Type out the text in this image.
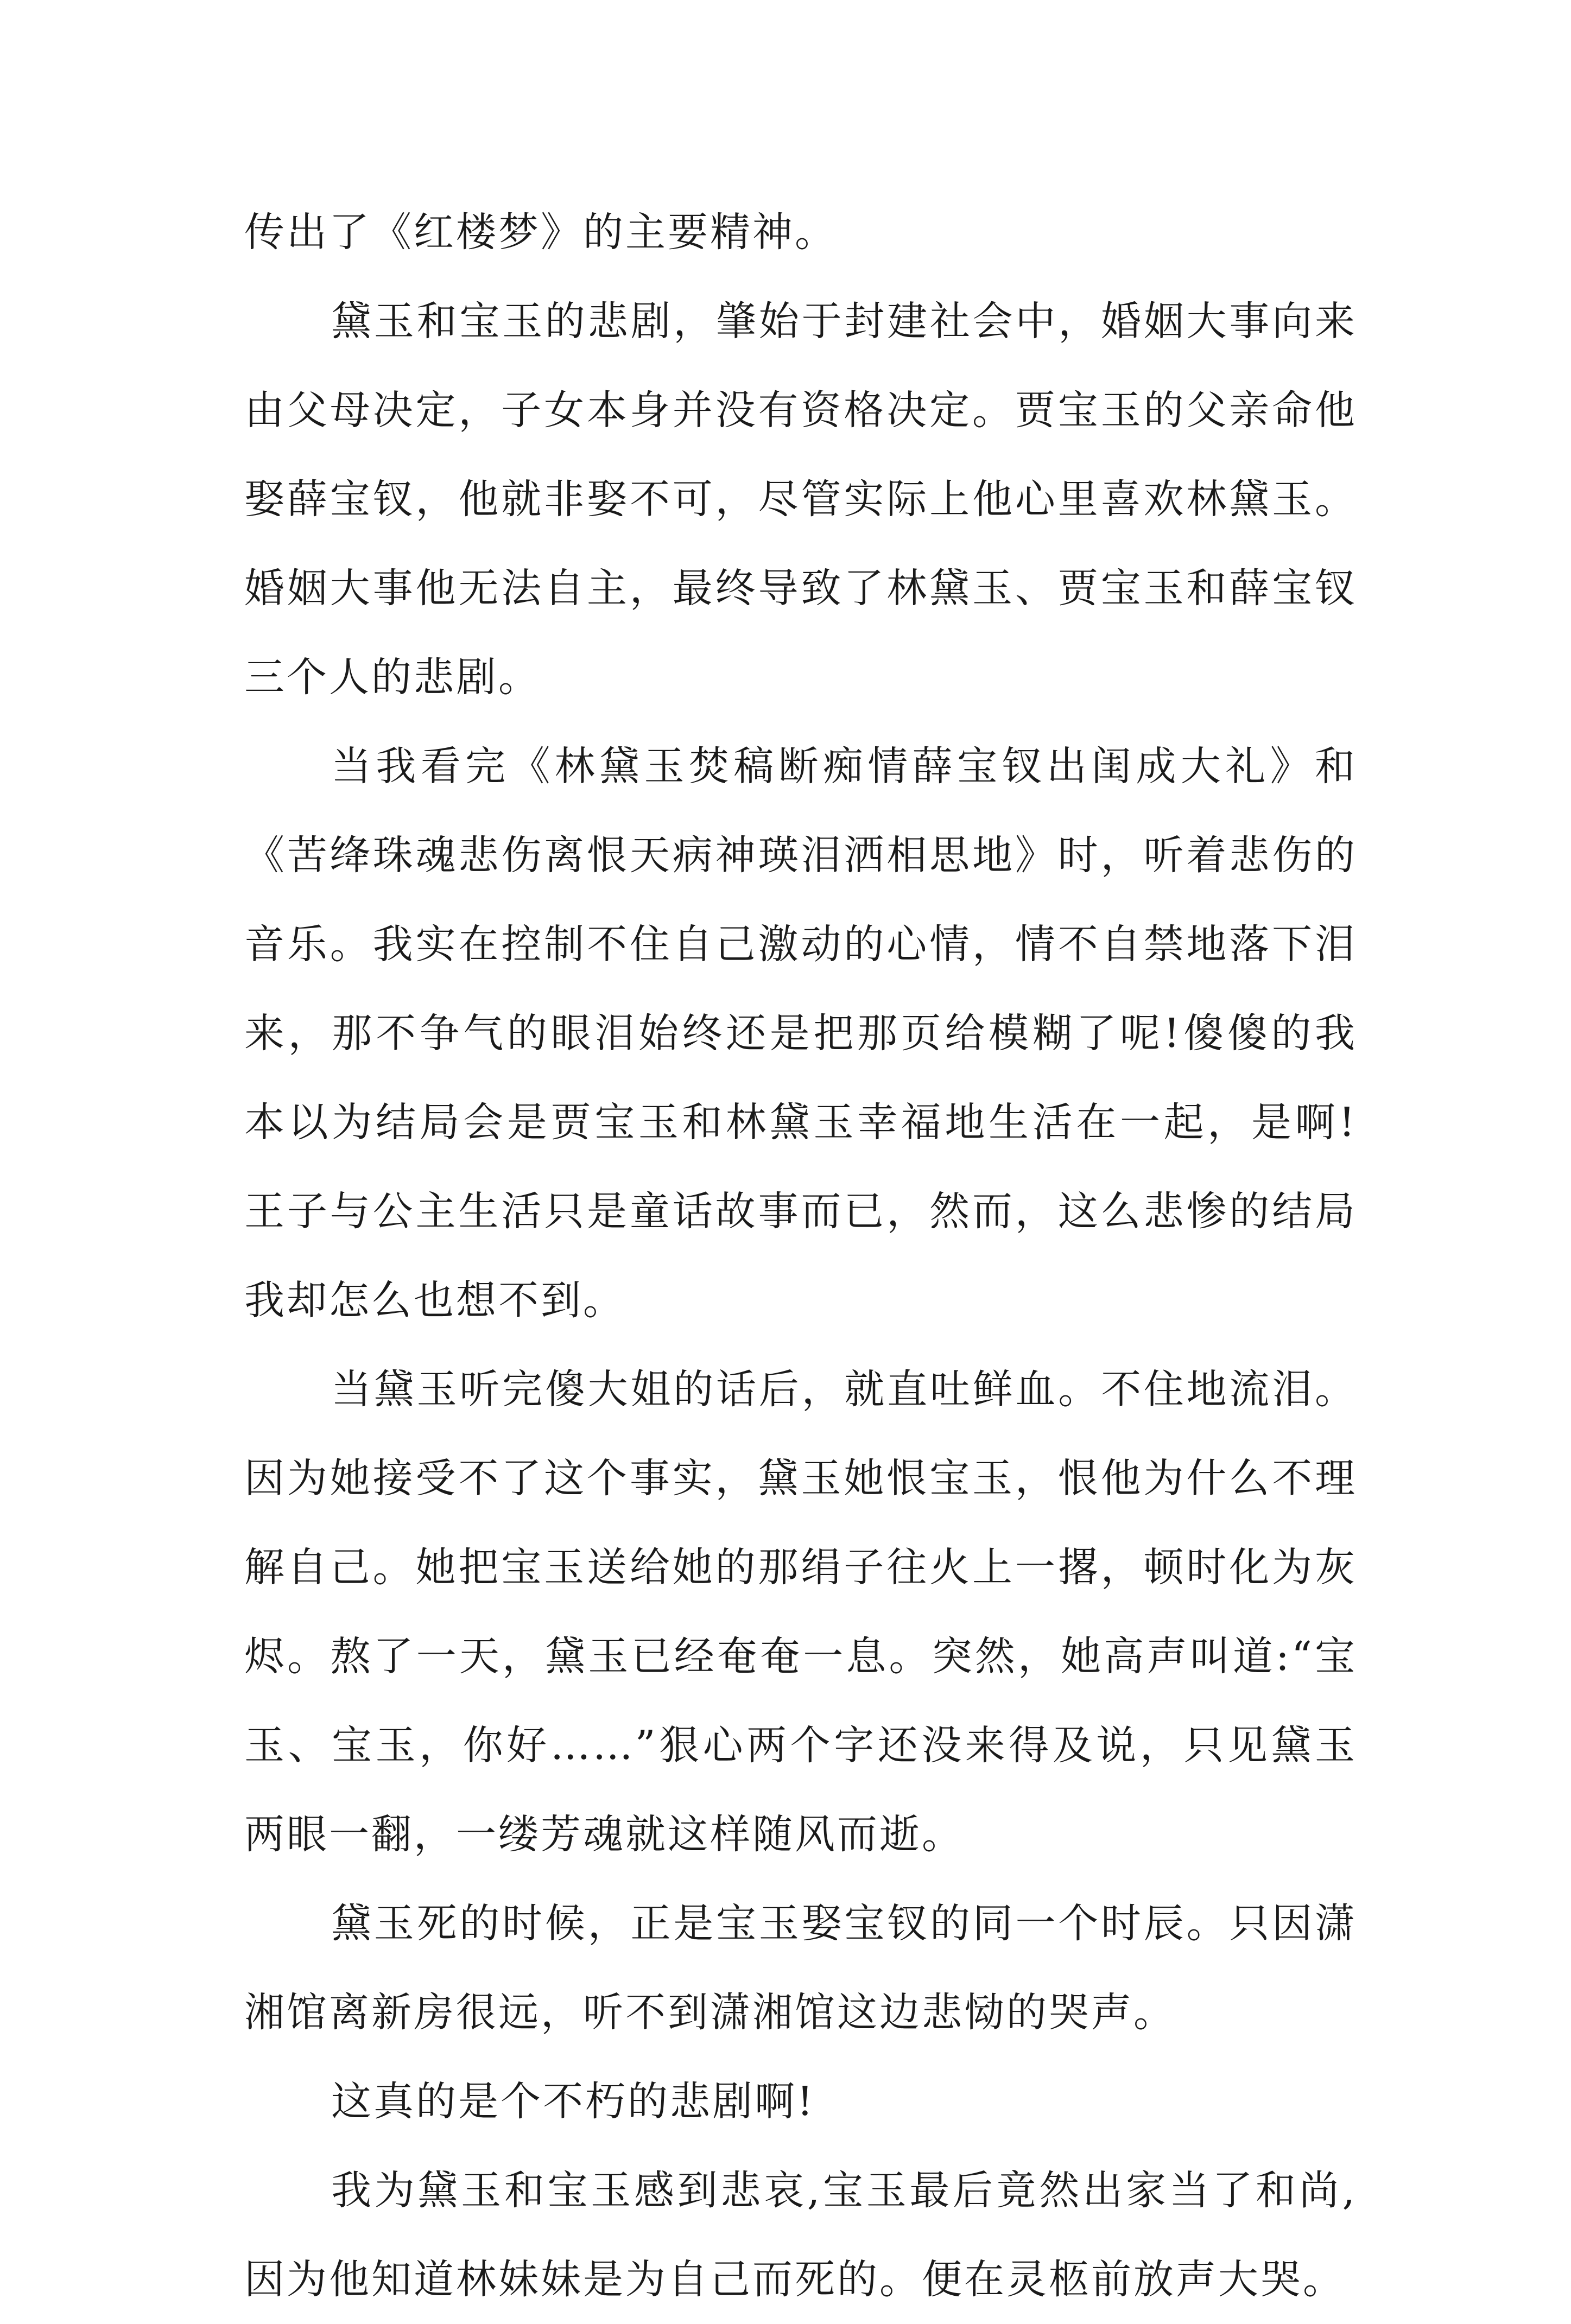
传出了《红楼梦》的主要精神。

黛玉和宝玉的悲剧，肇始于封建社会中，婚姻大事向来由父母决定，子女本身并没有资格决定。贾宝玉的父亲命他娶薛宝钗，他就非娶不可，尽管实际上他心里喜欢林黛玉。婚姻大事他无法自主，最终导致了林黛玉、贾宝玉和薛宝钗三个人的悲剧。

当我看完《林黛玉焚稿断痴情薛宝钗出闺成大礼》和《苦绛珠魂悲伤离恨天病神瑛泪洒相思地》时，听着悲伤的音乐。我实在控制不住自己激动的心情，情不自禁地落下泪来，那不争气的眼泪始终还是把那页给模糊了呢!傻傻的我本以为结局会是贾宝玉和林黛玉幸福地生活在一起，是啊!王子与公主生活只是童话故事而已，然而，这么悲惨的结局我却怎么也想不到。

当黛玉听完傻大姐的话后，就直吐鲜血。不住地流泪。因为她接受不了这个事实，黛玉她恨宝玉，恨他为什么不理解自己。她把宝玉送给她的那绢子往火上一撂，顿时化为灰烬。熬了一天，黛玉已经奄奄一息。突然，她高声叫道:“宝玉、宝玉，你好……”狠心两个字还没来得及说，只见黛玉两眼一翻，一缕芳魂就这样随风而逝。

黛玉死的时候，正是宝玉娶宝钗的同一个时辰。只因潇湘馆离新房很远，听不到潇湘馆这边悲恸的哭声。

这真的是个不朽的悲剧啊!

我为黛玉和宝玉感到悲哀,宝玉最后竟然出家当了和尚,因为他知道林妹妹是为自己而死的。便在灵柩前放声大哭。
